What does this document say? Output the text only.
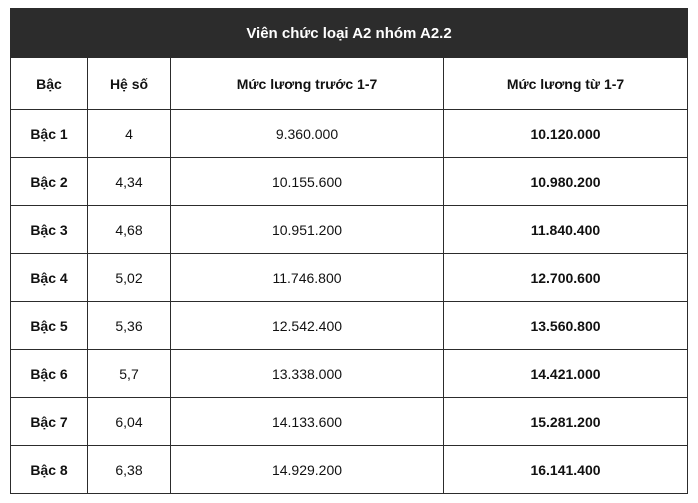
Viên chức loại A2 nhóm A2.2			
Bậc	Hệ số	Mức lương trước 1-7	Mức lương từ 1-7
Bậc 1	4	9.360.000	10.120.000
Bậc 2	4,34	10.155.600	10.980.200
Bậc 3	4,68	10.951.200	11.840.400
Bậc 4	5,02	11.746.800	12.700.600
Bậc 5	5,36	12.542.400	13.560.800
Bậc 6	5,7	13.338.000	14.421.000
Bậc 7	6,04	14.133.600	15.281.200
Bậc 8	6,38	14.929.200	16.141.400
